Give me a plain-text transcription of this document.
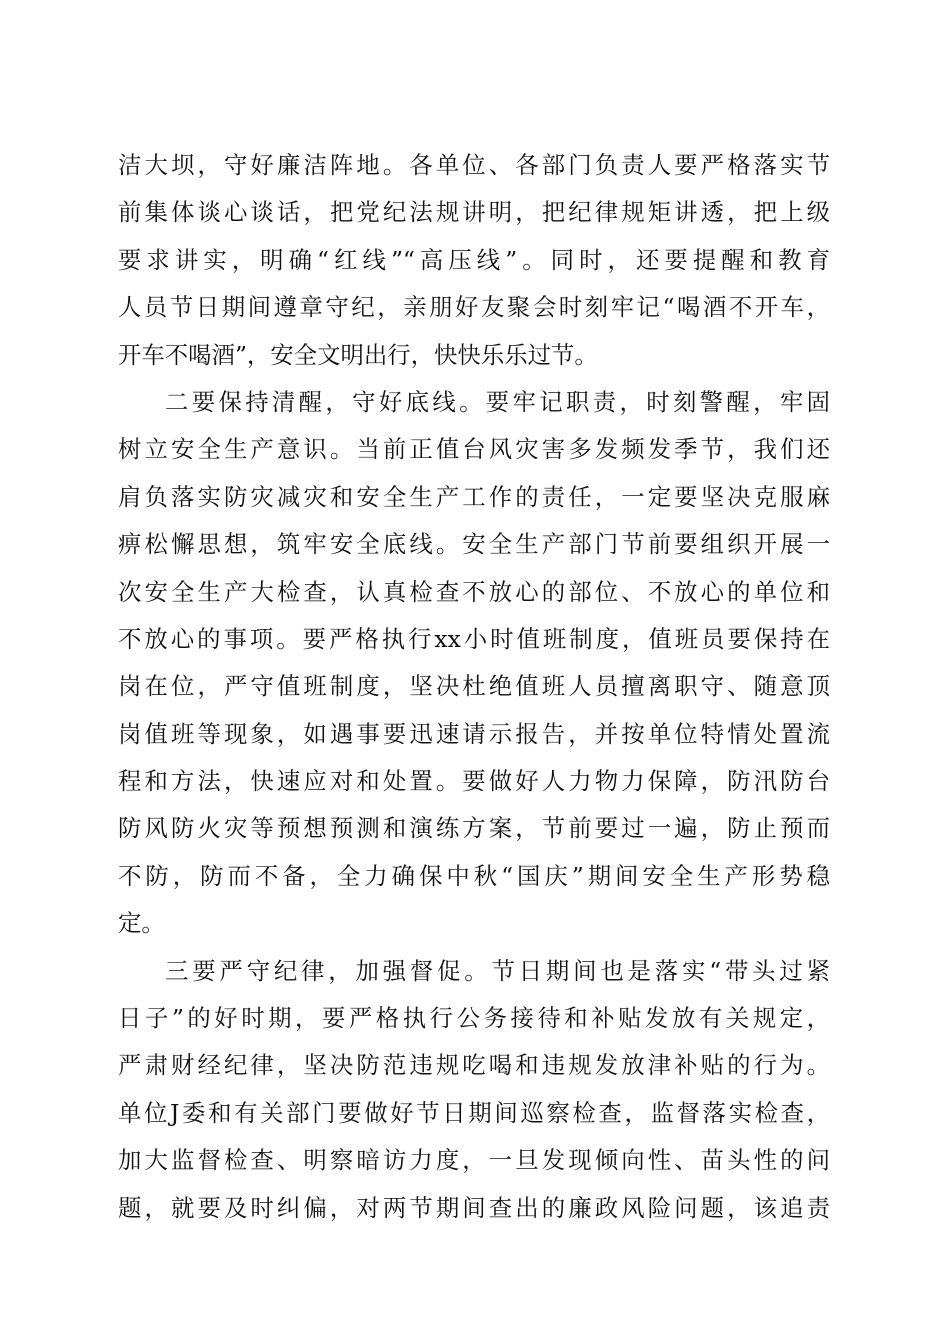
洁大坝，守好廉洁阵地。各单位、各部门负责人要严格落实节
前集体谈心谈话，把党纪法规讲明，把纪律规矩讲透，把上级
要求讲实，明确“红线”“高压线”。同时，还要提醒和教育
人员节日期间遵章守纪，亲朋好友聚会时刻牢记“喝酒不开车，
开车不喝酒”，安全文明出行，快快乐乐过节。
二要保持清醒，守好底线。要牢记职责，时刻警醒，牢固
树立安全生产意识。当前正值台风灾害多发频发季节，我们还
肩负落实防灾减灾和安全生产工作的责任，一定要坚决克服麻
痹松懈思想，筑牢安全底线。安全生产部门节前要组织开展一
次安全生产大检查，认真检查不放心的部位、不放心的单位和
不放心的事项。要严格执行xx小时值班制度，值班员要保持在
岗在位，严守值班制度，坚决杜绝值班人员擅离职守、随意顶
岗值班等现象，如遇事要迅速请示报告，并按单位特情处置流
程和方法，快速应对和处置。要做好人力物力保障，防汛防台
防风防火灾等预想预测和演练方案，节前要过一遍，防止预而
不防，防而不备，全力确保中秋“国庆”期间安全生产形势稳
定。
三要严守纪律，加强督促。节日期间也是落实“带头过紧
日子”的好时期，要严格执行公务接待和补贴发放有关规定，
严肃财经纪律，坚决防范违规吃喝和违规发放津补贴的行为。
单位J委和有关部门要做好节日期间巡察检查，监督落实检查，
加大监督检查、明察暗访力度，一旦发现倾向性、苗头性的问
题，就要及时纠偏，对两节期间查出的廉政风险问题，该追责
